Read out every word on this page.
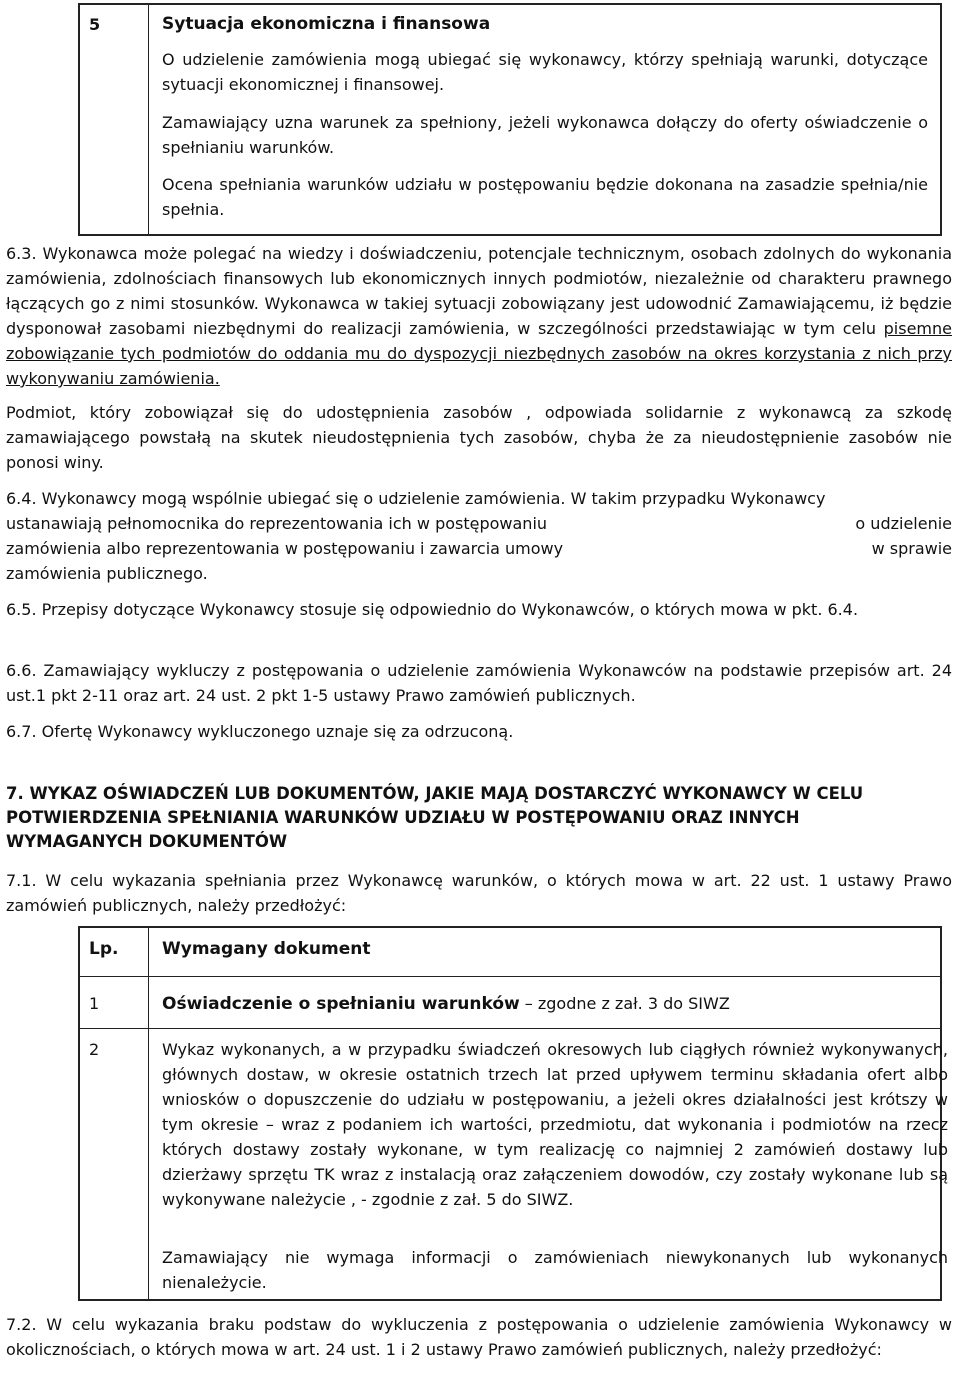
5	Sytuacja ekonomiczna i finansowa

O udzielenie zamówienia mogą ubiegać się wykonawcy, którzy spełniają warunki, dotyczące sytuacji ekonomicznej i finansowej.

Zamawiający uzna warunek za spełniony, jeżeli wykonawca dołączy do oferty oświadczenie o spełnianiu warunków.

Ocena spełniania warunków udziału w postępowaniu będzie dokonana na zasadzie spełnia/nie spełnia.

6.3. Wykonawca może polegać na wiedzy i doświadczeniu, potencjale technicznym, osobach zdolnych do wykonania zamówienia, zdolnościach finansowych lub ekonomicznych innych podmiotów, niezależnie od charakteru prawnego łączących go z nimi stosunków. Wykonawca w takiej sytuacji zobowiązany jest udowodnić Zamawiającemu, iż będzie dysponował zasobami niezbędnymi do realizacji zamówienia, w szczególności przedstawiając w tym celu pisemne zobowiązanie tych podmiotów do oddania mu do dyspozycji niezbędnych zasobów na okres korzystania z nich przy wykonywaniu zamówienia.

Podmiot, który zobowiązał się do udostępnienia zasobów , odpowiada solidarnie z wykonawcą za szkodę zamawiającego powstałą na skutek nieudostępnienia tych zasobów, chyba że za nieudostępnienie zasobów nie ponosi winy.

6.4. Wykonawcy mogą wspólnie ubiegać się o udzielenie zamówienia. W takim przypadku Wykonawcy
ustanawiają pełnomocnika do reprezentowania ich w postępowaniu	o udzielenie
zamówienia albo reprezentowania w postępowaniu i zawarcia umowy	w sprawie
zamówienia publicznego.

6.5. Przepisy dotyczące Wykonawcy stosuje się odpowiednio do Wykonawców, o których mowa w pkt. 6.4.

6.6. Zamawiający wykluczy z postępowania o udzielenie zamówienia Wykonawców na podstawie przepisów art. 24 ust.1 pkt 2-11 oraz art. 24 ust. 2 pkt 1-5 ustawy Prawo zamówień publicznych.

6.7. Ofertę Wykonawcy wykluczonego uznaje się za odrzuconą.

7. WYKAZ OŚWIADCZEŃ LUB DOKUMENTÓW, JAKIE MAJĄ DOSTARCZYĆ WYKONAWCY W CELU POTWIERDZENIA SPEŁNIANIA WARUNKÓW UDZIAŁU W POSTĘPOWANIU ORAZ INNYCH WYMAGANYCH DOKUMENTÓW

7.1. W celu wykazania spełniania przez Wykonawcę warunków, o których mowa w art. 22 ust. 1 ustawy Prawo zamówień publicznych, należy przedłożyć:

Lp.	Wymagany dokument
1	Oświadczenie o spełnianiu warunków – zgodne z zał. 3 do SIWZ
2	Wykaz wykonanych, a w przypadku świadczeń okresowych lub ciągłych również wykonywanych, głównych dostaw, w okresie ostatnich trzech lat przed upływem terminu składania ofert albo wniosków o dopuszczenie do udziału w postępowaniu, a jeżeli okres działalności jest krótszy w tym okresie – wraz z podaniem ich wartości, przedmiotu, dat wykonania i podmiotów na rzecz których dostawy zostały wykonane, w tym realizację co najmniej 2 zamówień dostawy lub dzierżawy sprzętu TK wraz z instalacją oraz załączeniem dowodów, czy zostały wykonane lub są wykonywane należycie , - zgodnie z zał. 5 do SIWZ.

Zamawiający nie wymaga informacji o zamówieniach niewykonanych lub wykonanych nienależycie.

7.2. W celu wykazania braku podstaw do wykluczenia z postępowania o udzielenie zamówienia Wykonawcy w okolicznościach, o których mowa w art. 24 ust. 1 i 2 ustawy Prawo zamówień publicznych, należy przedłożyć:
